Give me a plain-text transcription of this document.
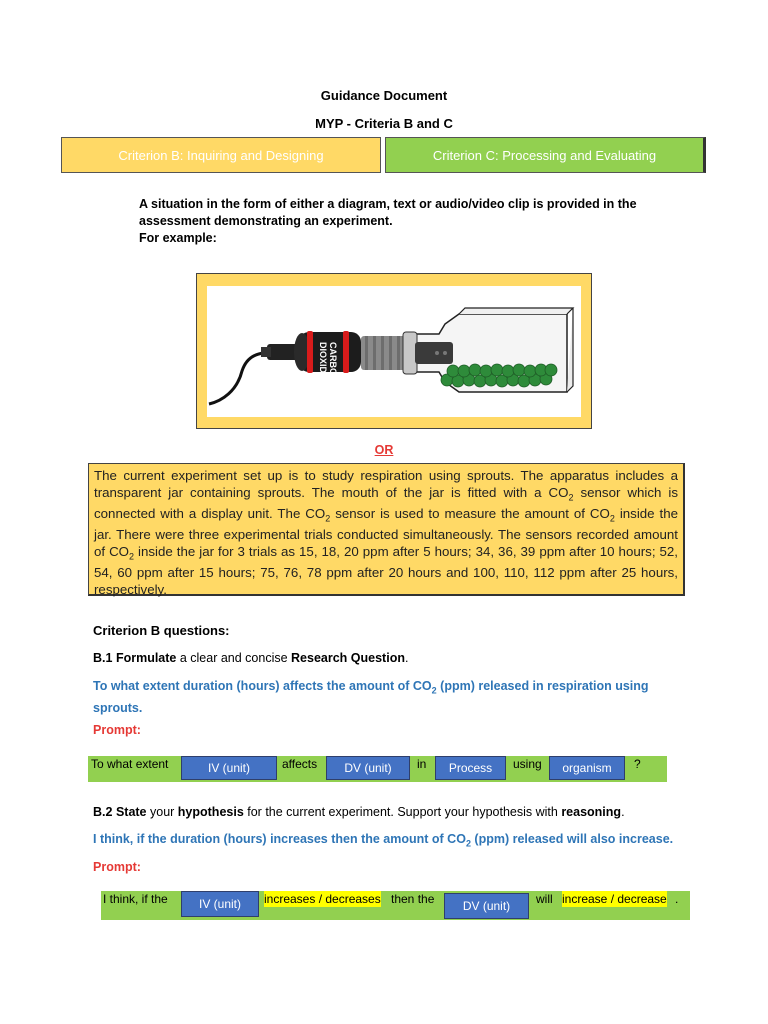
Guidance Document
MYP - Criteria B and C
Criterion B: Inquiring and Designing	Criterion C: Processing and Evaluating
A situation in the form of either a diagram, text or audio/video clip is provided in the
assessment demonstrating an experiment.
For example:
CARBON
DIOXIDE
OR
The current experiment set up is to study respiration using sprouts. The apparatus includes a transparent jar containing sprouts. The mouth of the jar is fitted with a $CO_2$ sensor which is connected with a display unit. The $CO_2$ sensor is used to measure the amount of $CO_2$ inside the jar. There were three experimental trials conducted simultaneously. The sensors recorded amount of $CO_2$ inside the jar for 3 trials as 15, 18, 20 ppm after 5 hours; 34, 36, 39 ppm after 10 hours; 52, 54, 60 ppm after 15 hours; 75, 76, 78 ppm after 20 hours and 100, 110, 112 ppm after 25 hours, respectively.
Criterion B questions:
B.1 Formulate a clear and concise Research Question.
To what extent duration (hours) affects the amount of $CO_2$ (ppm) released in respiration using sprouts.
Prompt:
To what extent	IV (unit)	affects	DV (unit)	in	Process	using	organism	?
B.2 State your hypothesis for the current experiment. Support your hypothesis with reasoning.
I think, if the duration (hours) increases then the amount of $CO_2$ (ppm) released will also increase.
Prompt:
I think, if the	IV (unit)	increases / decreases then the	DV (unit)	will increase / decrease .
